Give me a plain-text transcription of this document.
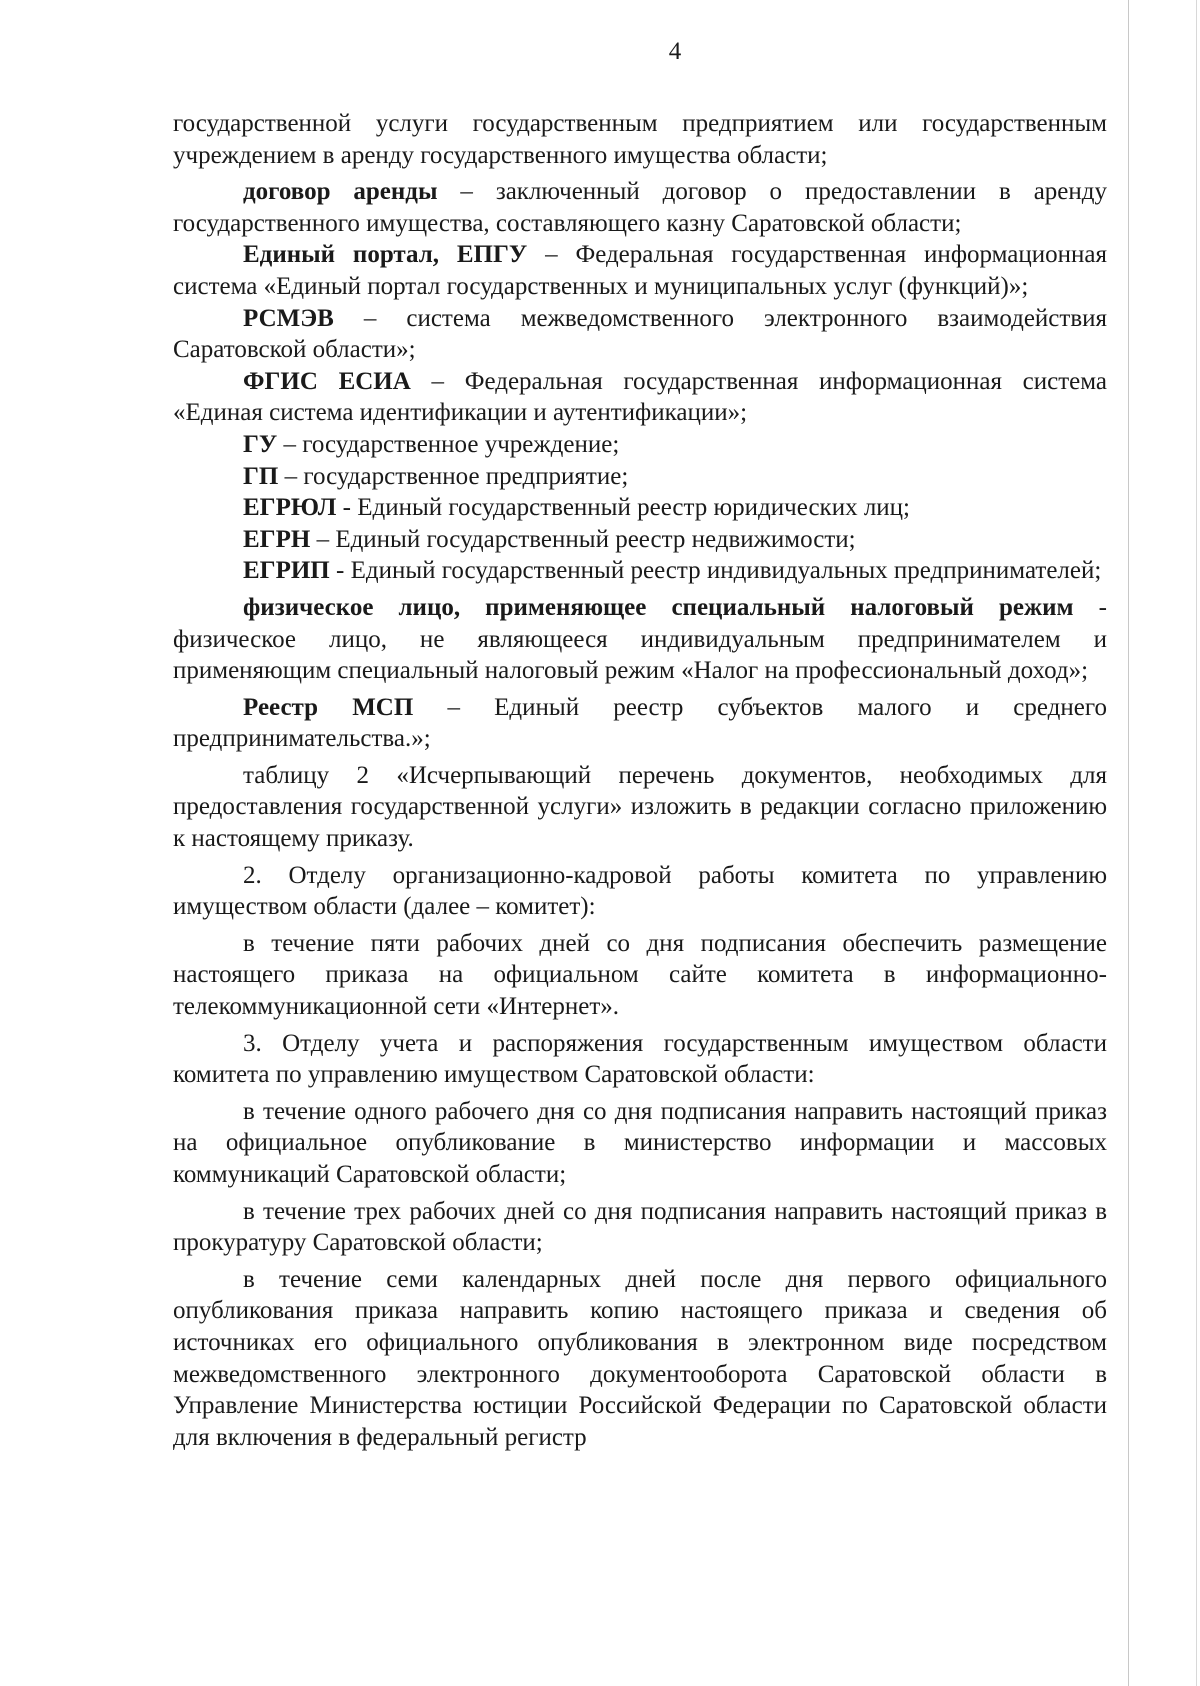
4

государственной услуги государственным предприятием или государственным учреждением в аренду государственного имущества области;

договор аренды – заключенный договор о предоставлении в аренду государственного имущества, составляющего казну Саратовской области;

Единый портал, ЕПГУ – Федеральная государственная информационная система «Единый портал государственных и муниципальных услуг (функций)»;

РСМЭВ – система межведомственного электронного взаимодействия Саратовской области»;

ФГИС ЕСИА – Федеральная государственная информационная система «Единая система идентификации и аутентификации»;

ГУ – государственное учреждение;

ГП – государственное предприятие;

ЕГРЮЛ - Единый государственный реестр юридических лиц;

ЕГРН – Единый государственный реестр недвижимости;

ЕГРИП - Единый государственный реестр индивидуальных предпринимателей;

физическое лицо, применяющее специальный налоговый режим - физическое лицо, не являющееся индивидуальным предпринимателем и применяющим специальный налоговый режим «Налог на профессиональный доход»;

Реестр МСП – Единый реестр субъектов малого и среднего предпринимательства.»;

таблицу 2 «Исчерпывающий перечень документов, необходимых для предоставления государственной услуги» изложить в редакции согласно приложению к настоящему приказу.

2. Отделу организационно-кадровой работы комитета по управлению имуществом области (далее – комитет):

в течение пяти рабочих дней со дня подписания обеспечить размещение настоящего приказа на официальном сайте комитета в информационно-телекоммуникационной сети «Интернет».

3. Отделу учета и распоряжения государственным имуществом области комитета по управлению имуществом Саратовской области:

в течение одного рабочего дня со дня подписания направить настоящий приказ на официальное опубликование в министерство информации и массовых коммуникаций Саратовской области;

в течение трех рабочих дней со дня подписания направить настоящий приказ в прокуратуру Саратовской области;

в течение семи календарных дней после дня первого официального опубликования приказа направить копию настоящего приказа и сведения об источниках его официального опубликования в электронном виде посредством межведомственного электронного документооборота Саратовской области в Управление Министерства юстиции Российской Федерации по Саратовской области для включения в федеральный регистр
